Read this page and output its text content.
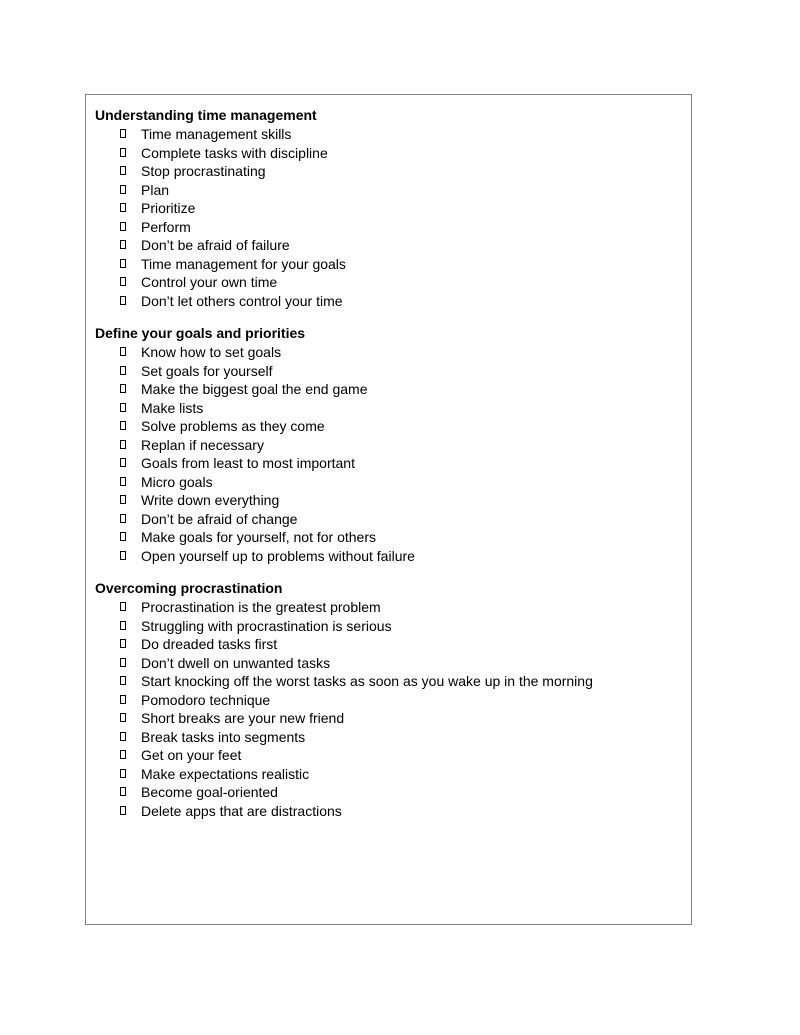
Understanding time management

Time management skills
Complete tasks with discipline
Stop procrastinating
Plan
Prioritize
Perform
Don’t be afraid of failure
Time management for your goals
Control your own time
Don’t let others control your time

Define your goals and priorities

Know how to set goals
Set goals for yourself
Make the biggest goal the end game
Make lists
Solve problems as they come
Replan if necessary
Goals from least to most important
Micro goals
Write down everything
Don’t be afraid of change
Make goals for yourself, not for others
Open yourself up to problems without failure

Overcoming procrastination

Procrastination is the greatest problem
Struggling with procrastination is serious
Do dreaded tasks first
Don’t dwell on unwanted tasks
Start knocking off the worst tasks as soon as you wake up in the morning
Pomodoro technique
Short breaks are your new friend
Break tasks into segments
Get on your feet
Make expectations realistic
Become goal-oriented
Delete apps that are distractions
